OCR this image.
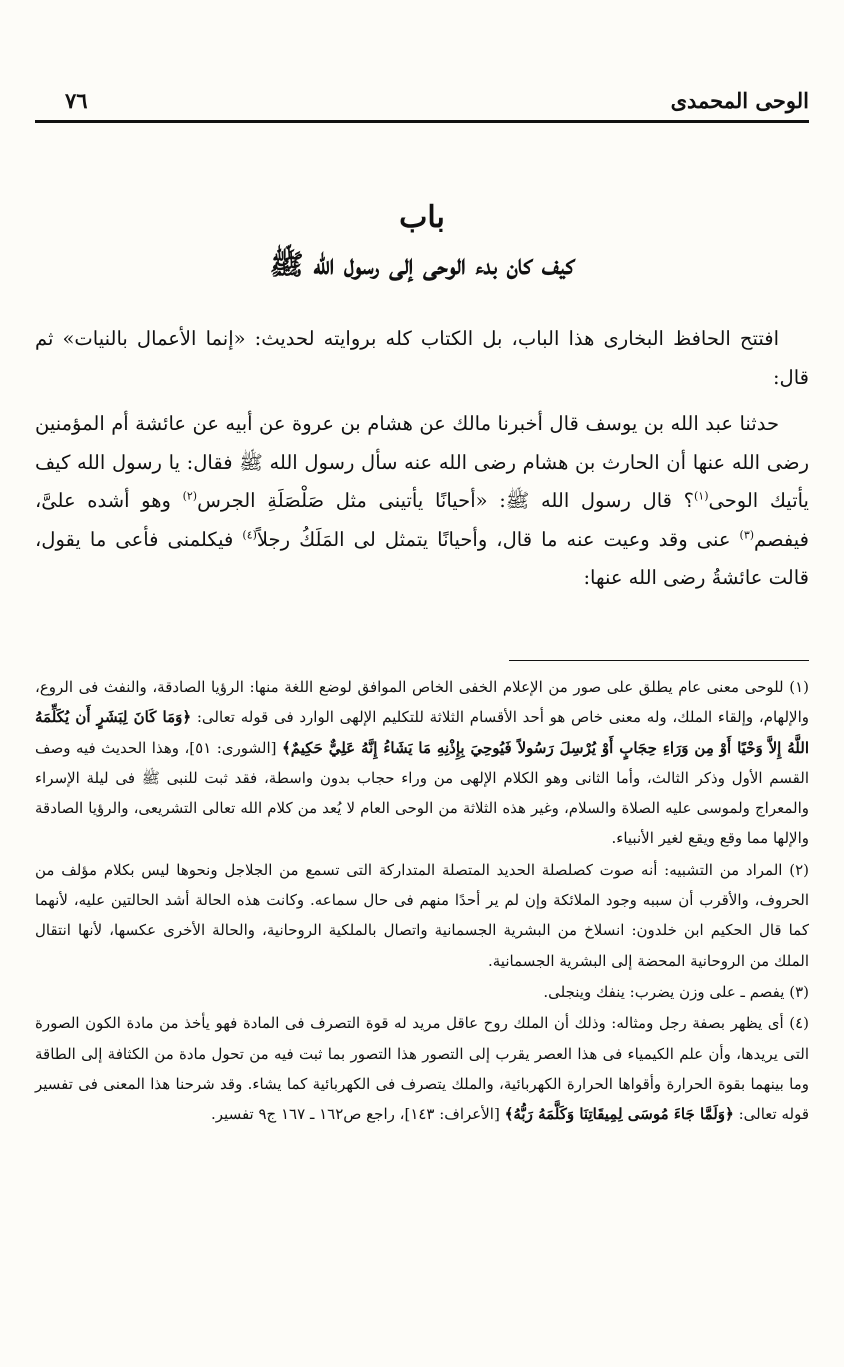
الوحى المحمدى
٧٦
باب
كيف كان بدء الوحى إلى رسول الله ﷺ

افتتح الحافظ البخارى هذا الباب، بل الكتاب كله بروايته لحديث: «إنما الأعمال بالنيات» ثم قال:

حدثنا عبد الله بن يوسف قال أخبرنا مالك عن هشام بن عروة عن أبيه عن عائشة أم المؤمنين رضى الله عنها أن الحارث بن هشام رضى الله عنه سأل رسول الله ﷺ فقال: يا رسول الله كيف يأتيك الوحى$^{(١)}$؟ قال رسول الله ﷺ: «أحيانًا يأتينى مثل صَلْصَلَةِ الجرس$^{(٢)}$ وهو أشده علىَّ، فيفصم$^{(٣)}$ عنى وقد وعيت عنه ما قال، وأحيانًا يتمثل لى المَلَكُ رجلاً$^{(٤)}$ فيكلمنى فأعى ما يقول، قالت عائشةُ رضى الله عنها:

(١) للوحى معنى عام يطلق على صور من الإعلام الخفى الخاص الموافق لوضع اللغة منها: الرؤيا الصادقة، والنفث فى الروع، والإلهام، وإلقاء الملك، وله معنى خاص هو أحد الأقسام الثلاثة للتكليم الإلهى الوارد فى قوله تعالى: ﴿وَمَا كَانَ لِبَشَرٍ أَن يُكَلِّمَهُ اللَّهُ إِلاَّ وَحْيًا أَوْ مِن وَرَاءِ حِجَابٍ أَوْ يُرْسِلَ رَسُولاً فَيُوحِيَ بِإِذْنِهِ مَا يَشَاءُ إِنَّهُ عَلِيٌّ حَكِيمٌ﴾ [الشورى: ٥١]، وهذا الحديث فيه وصف القسم الأول وذكر الثالث، وأما الثانى وهو الكلام الإلهى من وراء حجاب بدون واسطة، فقد ثبت للنبى ﷺ فى ليلة الإسراء والمعراج ولموسى عليه الصلاة والسلام، وغير هذه الثلاثة من الوحى العام لا يُعد من كلام الله تعالى التشريعى، والرؤيا الصادقة والإلها مما وقع ويقع لغير الأنبياء.

(٢) المراد من التشبيه: أنه صوت كصلصلة الحديد المتصلة المتداركة التى تسمع من الجلاجل ونحوها ليس بكلام مؤلف من الحروف، والأقرب أن سببه وجود الملائكة وإن لم ير أحدًا منهم فى حال سماعه. وكانت هذه الحالة أشد الحالتين عليه، لأنهما كما قال الحكيم ابن خلدون: انسلاخ من البشرية الجسمانية واتصال بالملكية الروحانية، والحالة الأخرى عكسها، لأنها انتقال الملك من الروحانية المحضة إلى البشرية الجسمانية.

(٣) يفصم ـ على وزن يضرب: ينفك وينجلى.

(٤) أى يظهر بصفة رجل ومثاله: وذلك أن الملك روح عاقل مريد له قوة التصرف فى المادة فهو يأخذ من مادة الكون الصورة التى يريدها، وأن علم الكيمياء فى هذا العصر يقرب إلى التصور هذا التصور بما ثبت فيه من تحول مادة من الكثافة إلى الطاقة وما بينهما بقوة الحرارة وأقواها الحرارة الكهربائية، والملك يتصرف فى الكهربائية كما يشاء. وقد شرحنا هذا المعنى فى تفسير قوله تعالى: ﴿وَلَمَّا جَاءَ مُوسَى لِمِيقَاتِنَا وَكَلَّمَهُ رَبُّهُ﴾ [الأعراف: ١٤٣]، راجع ص١٦٢ ـ ١٦٧ ج٩ تفسير.
